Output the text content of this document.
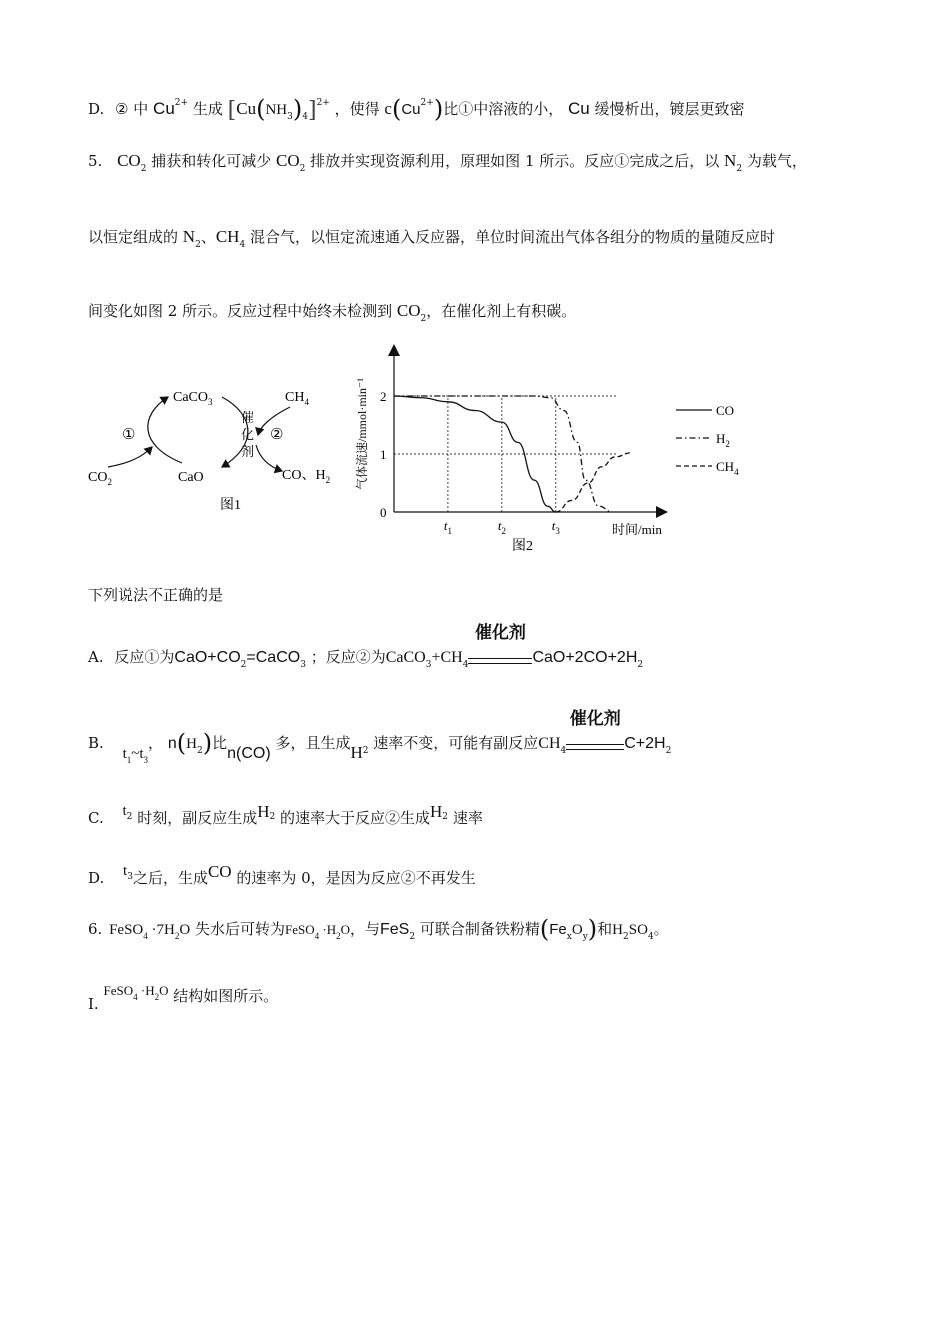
D. ② 中 $Cu^{2+}$ 生成 $[Cu(NH_3)_4]^{2+}$ ，使得 $c(Cu^{2+})$比①中溶液的小， Cu 缓慢析出，镀层更致密
5. $CO_2$ 捕获和转化可减少 $CO_2$ 排放并实现资源利用，原理如图 1 所示。反应①完成之后，以 $N_2$ 为载气，
以恒定组成的 $N_2$、$CH_4$ 混合气，以恒定流速通入反应器，单位时间流出气体各组分的物质的量随反应时
间变化如图 2 所示。反应过程中始终未检测到 $CO_2$，在催化剂上有积碳。
CaCO$_3$	$CH_4$
①	②
催
化
剂
$CO_2$	CaO	CO、$H_2$
图1
气体流速/mmol·min⁻¹
时间/min
图2
0
1
2
$t_1$	$t_2$	$t_3$
CO
$H_2$
$CH_4$
下列说法不正确的是
A. 反应①为$CaO+CO_2=CaCO_3$ ；反应②为$CaCO_3+CH_4$
催化剂
$CaO+2CO+2H_2$
B. $t_1\sim t_3$， $n(H_2)$比n(CO) 多，且生成$H_2$ 速率不变，可能有副反应$CH_4$
催化剂
$C+2H_2$
C. $t^2$ 时刻，副反应生成$H^2$ 的速率大于反应②生成$H^2$ 速率
D. $t^3$之后，生成CO 的速率为 0，是因为反应②不再发生
6. FeSO$_4$ $\cdot 7H_2O$ 失水后可转为FeSO$_4$ $\cdot H_2O$，与FeS$_2$ 可联合制备铁粉精$(Fe_xO_y)$和$H_2SO_4$。
I. FeSO$_4$ $\cdot H_2O$ 结构如图所示。
